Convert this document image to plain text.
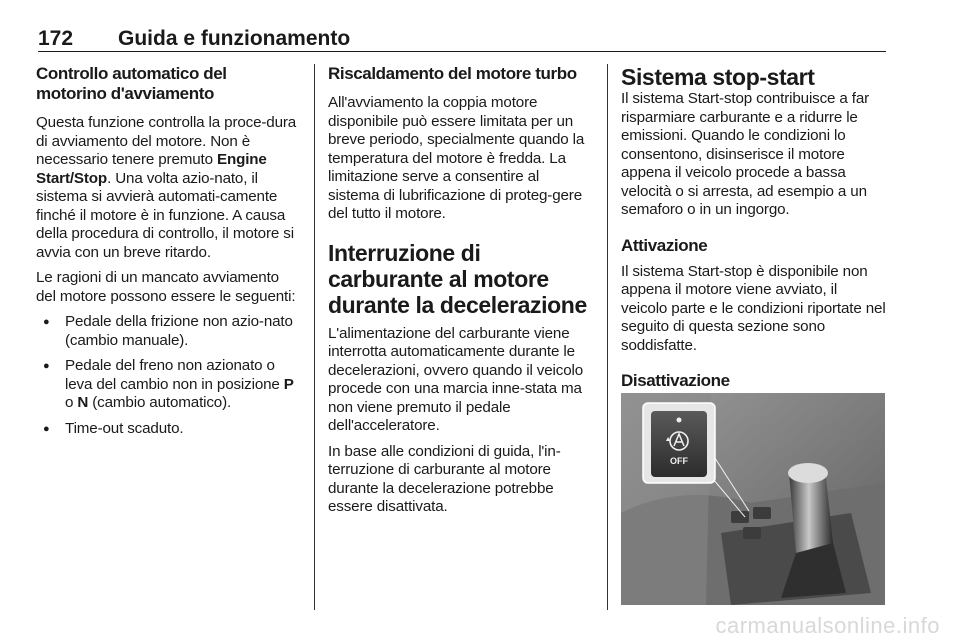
172 Guida e funzionamento
Controllo automatico del motorino d'avviamento

Questa funzione controlla la proce-dura di avviamento del motore. Non è necessario tenere premuto Engine Start/Stop. Una volta azio-nato, il sistema si avvierà automati-camente finché il motore è in funzione. A causa della procedura di controllo, il motore si avvia con un breve ritardo.

Le ragioni di un mancato avviamento del motore possono essere le seguenti:

● Pedale della frizione non azio-nato (cambio manuale).
● Pedale del freno non azionato o leva del cambio non in posizione P o N (cambio automatico).
● Time-out scaduto.
Riscaldamento del motore turbo

All'avviamento la coppia motore disponibile può essere limitata per un breve periodo, specialmente quando la temperatura del motore è fredda. La limitazione serve a consentire al sistema di lubrificazione di proteg-gere del tutto il motore.

Interruzione di carburante al motore durante la decelerazione

L'alimentazione del carburante viene interrotta automaticamente durante le decelerazioni, ovvero quando il veicolo procede con una marcia inne-stata ma non viene premuto il pedale dell'acceleratore.

In base alle condizioni di guida, l'in-terruzione di carburante al motore durante la decelerazione potrebbe essere disattivata.

Sistema stop-start

Il sistema Start-stop contribuisce a far risparmiare carburante e a ridurre le emissioni. Quando le condizioni lo consentono, disinserisce il motore appena il veicolo procede a bassa velocità o si arresta, ad esempio a un semaforo o in un ingorgo.

Attivazione

Il sistema Start-stop è disponibile non appena il motore viene avviato, il veicolo parte e le condizioni riportate nel seguito di questa sezione sono soddisfatte.

Disattivazione
OFF
carmanualsonline.info
